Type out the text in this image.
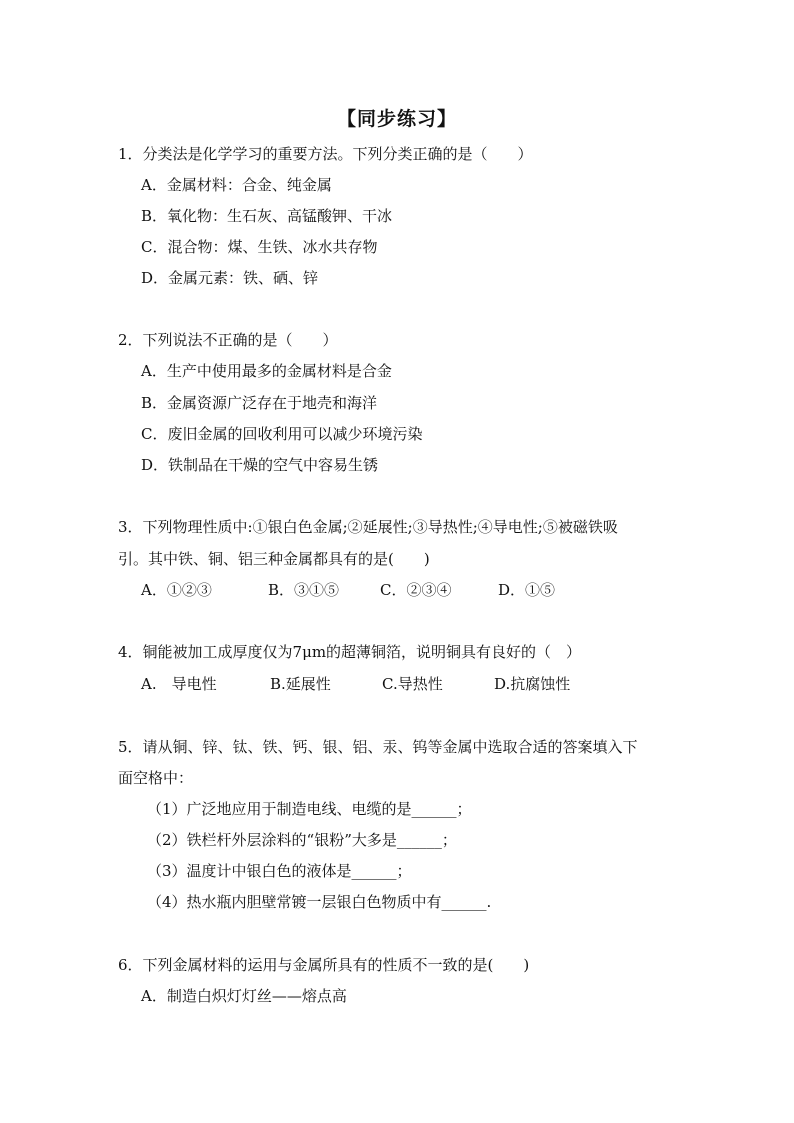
【同步练习】
1．分类法是化学学习的重要方法。下列分类正确的是（　　）
A．金属材料：合金、纯金属
B．氧化物：生石灰、高锰酸钾、干冰
C．混合物：煤、生铁、冰水共存物
D．金属元素：铁、硒、锌
2．下列说法不正确的是（　　）
A．生产中使用最多的金属材料是合金
B．金属资源广泛存在于地壳和海洋
C．废旧金属的回收利用可以减少环境污染
D．铁制品在干燥的空气中容易生锈
3．下列物理性质中:①银白色金属;②延展性;③导热性;④导电性;⑤被磁铁吸
引。其中铁、铜、铝三种金属都具有的是(　　)
A．①②③	B．③①⑤	C．②③④	D．①⑤
4．铜能被加工成厚度仅为7μm的超薄铜箔，说明铜具有良好的（　）
A.　导电性	B.延展性	C.导热性	D.抗腐蚀性
5．请从铜、锌、钛、铁、钙、银、铝、汞、钨等金属中选取合适的答案填入下
面空格中：
（1）广泛地应用于制造电线、电缆的是______；
（2）铁栏杆外层涂料的“银粉”大多是______；
（3）温度计中银白色的液体是______；
（4）热水瓶内胆壁常镀一层银白色物质中有______.
6．下列金属材料的运用与金属所具有的性质不一致的是(　　)
A．制造白炽灯灯丝——熔点高
